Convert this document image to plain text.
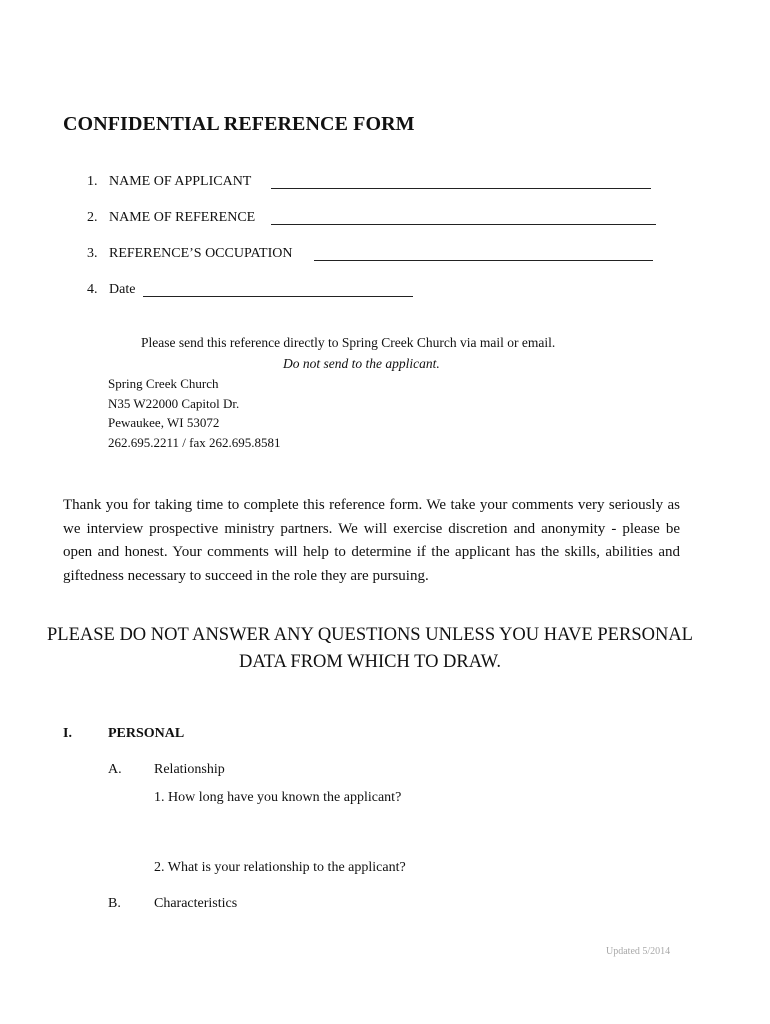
CONFIDENTIAL REFERENCE FORM
1. NAME OF APPLICANT
2. NAME OF REFERENCE
3. REFERENCE’S OCCUPATION
4. Date
Please send this reference directly to Spring Creek Church via mail or email.
Do not send to the applicant.
Spring Creek Church
N35 W22000 Capitol Dr.
Pewaukee, WI 53072
262.695.2211 / fax 262.695.8581
Thank you for taking time to complete this reference form. We take your comments very seriously as we interview prospective ministry partners. We will exercise discretion and anonymity - please be open and honest. Your comments will help to determine if the applicant has the skills, abilities and giftedness necessary to succeed in the role they are pursuing.
PLEASE DO NOT ANSWER ANY QUESTIONS UNLESS YOU HAVE PERSONAL DATA FROM WHICH TO DRAW.
I.	PERSONAL
A. Relationship
1. How long have you known the applicant?
2. What is your relationship to the applicant?
B. Characteristics
Updated 5/2014
